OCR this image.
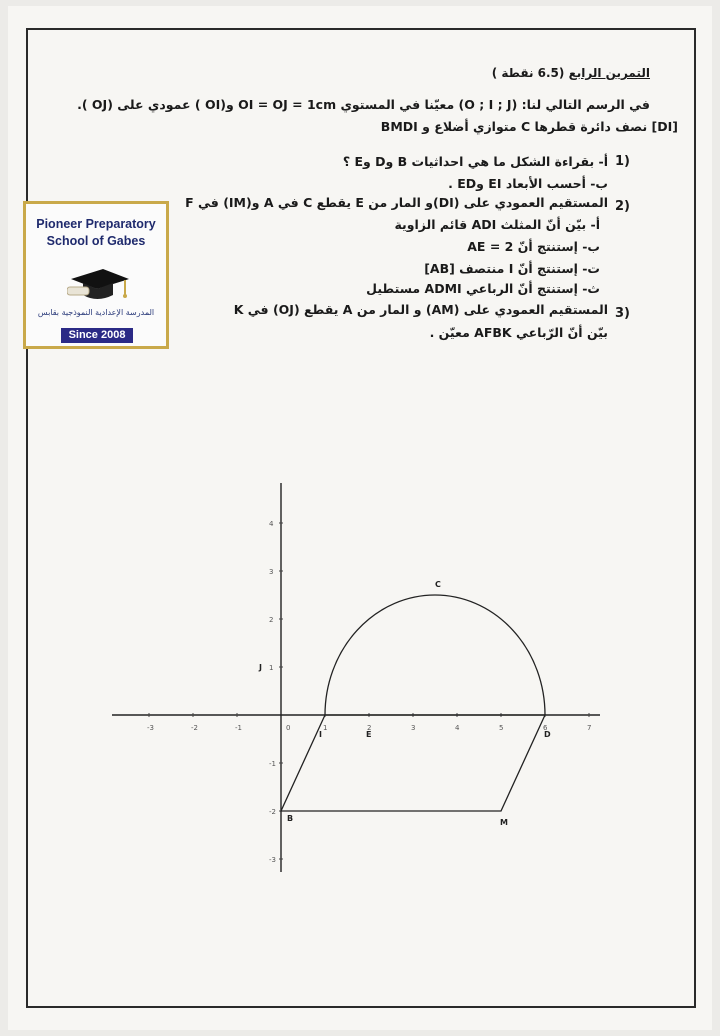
التمرين الرابع (6.5 نقطة )
في الرسم التالي لنا: (O ; I ; J) معيّنا في المستوي OI = OJ = 1cm و(OI ) عمودي على (OJ ).
BMDI متوازي أضلاع و C نصف دائرة قطرها [DI]
1)
أ- بقراءة الشكل ما هي احداثيات B وD وE ؟
ب- أحسب الأبعاد EI وED .
2)
المستقيم العمودي على (DI)و المار من E يقطع C في A و(IM) في F
أ- بيّن أنّ المثلث ADI قائم الزاوية
ب- إستنتج أنّ AE = 2
ت- إستنتج أنّ I منتصف [AB]
ث- إستنتج أنّ الرباعي ADMI مستطيل
3)
المستقيم العمودي على (AM) و المار من A يقطع (OJ) في K
بيّن أنّ الرّباعي AFBK معيّن .
Pioneer Preparatory
School of Gabes
المدرسة الإعدادية النموذجية بقابس
Since 2008
-3	-2	-1	1	2	3	4	5	6	7
4
3
2
1
-1
-2
-3
I	E	D
B	M
C
0
J
